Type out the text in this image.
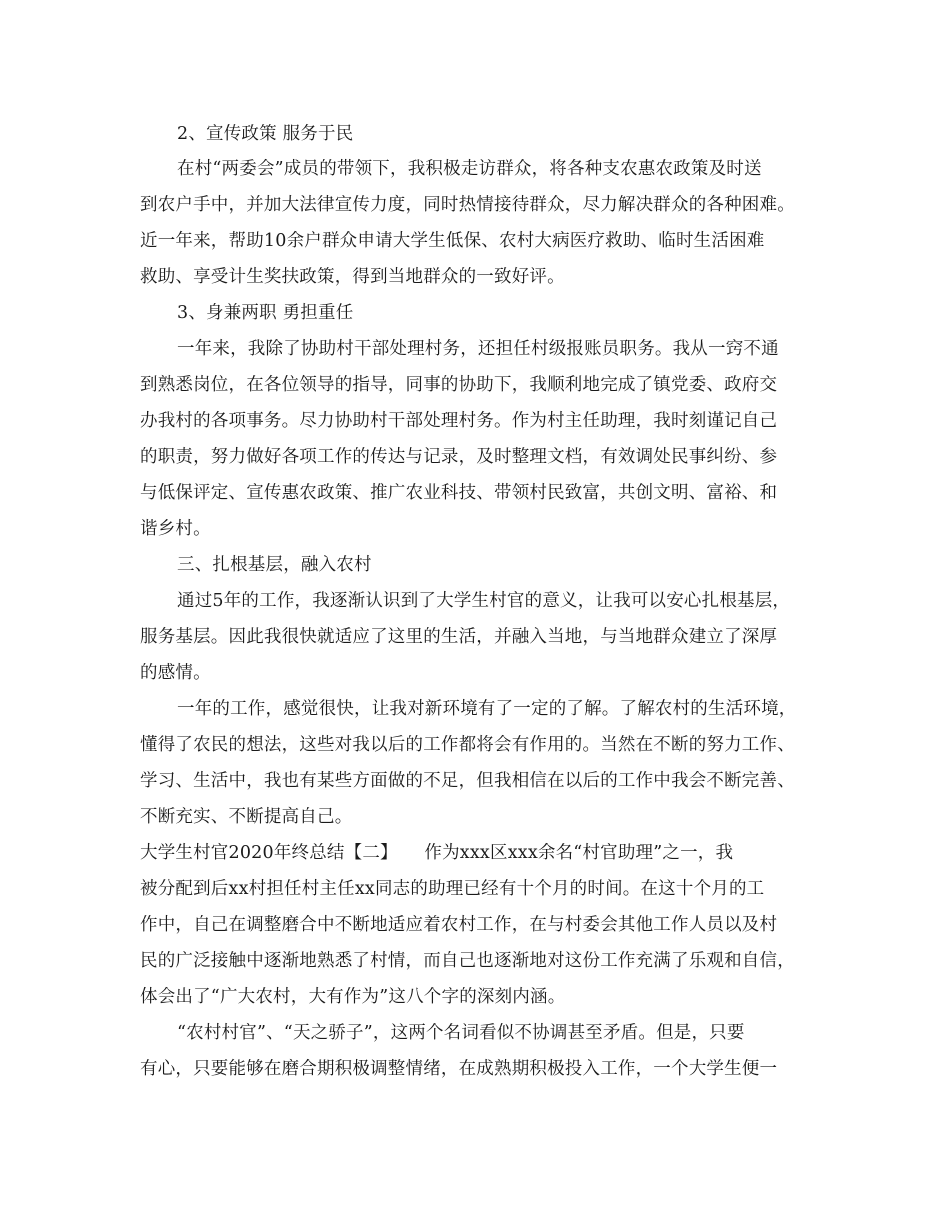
2、宣传政策 服务于民
在村“两委会”成员的带领下，我积极走访群众，将各种支农惠农政策及时送
到农户手中，并加大法律宣传力度，同时热情接待群众，尽力解决群众的各种困难。
近一年来，帮助10余户群众申请大学生低保、农村大病医疗救助、临时生活困难
救助、享受计生奖扶政策，得到当地群众的一致好评。
3、身兼两职 勇担重任
一年来，我除了协助村干部处理村务，还担任村级报账员职务。我从一窍不通
到熟悉岗位，在各位领导的指导，同事的协助下，我顺利地完成了镇党委、政府交
办我村的各项事务。尽力协助村干部处理村务。作为村主任助理，我时刻谨记自己
的职责，努力做好各项工作的传达与记录，及时整理文档，有效调处民事纠纷、参
与低保评定、宣传惠农政策、推广农业科技、带领村民致富，共创文明、富裕、和
谐乡村。
三、扎根基层，融入农村
通过5年的工作，我逐渐认识到了大学生村官的意义，让我可以安心扎根基层，
服务基层。因此我很快就适应了这里的生活，并融入当地，与当地群众建立了深厚
的感情。
一年的工作，感觉很快，让我对新环境有了一定的了解。了解农村的生活环境，
懂得了农民的想法，这些对我以后的工作都将会有作用的。当然在不断的努力工作、
学习、生活中，我也有某些方面做的不足，但我相信在以后的工作中我会不断完善、
不断充实、不断提高自己。
大学生村官2020年终总结【二】　　作为xxx区xxx余名“村官助理”之一，我
被分配到后xx村担任村主任xx同志的助理已经有十个月的时间。在这十个月的工
作中，自己在调整磨合中不断地适应着农村工作，在与村委会其他工作人员以及村
民的广泛接触中逐渐地熟悉了村情，而自己也逐渐地对这份工作充满了乐观和自信，
体会出了“广大农村，大有作为”这八个字的深刻内涵。
“农村村官”、“天之骄子”，这两个名词看似不协调甚至矛盾。但是，只要
有心，只要能够在磨合期积极调整情绪，在成熟期积极投入工作，一个大学生便一
